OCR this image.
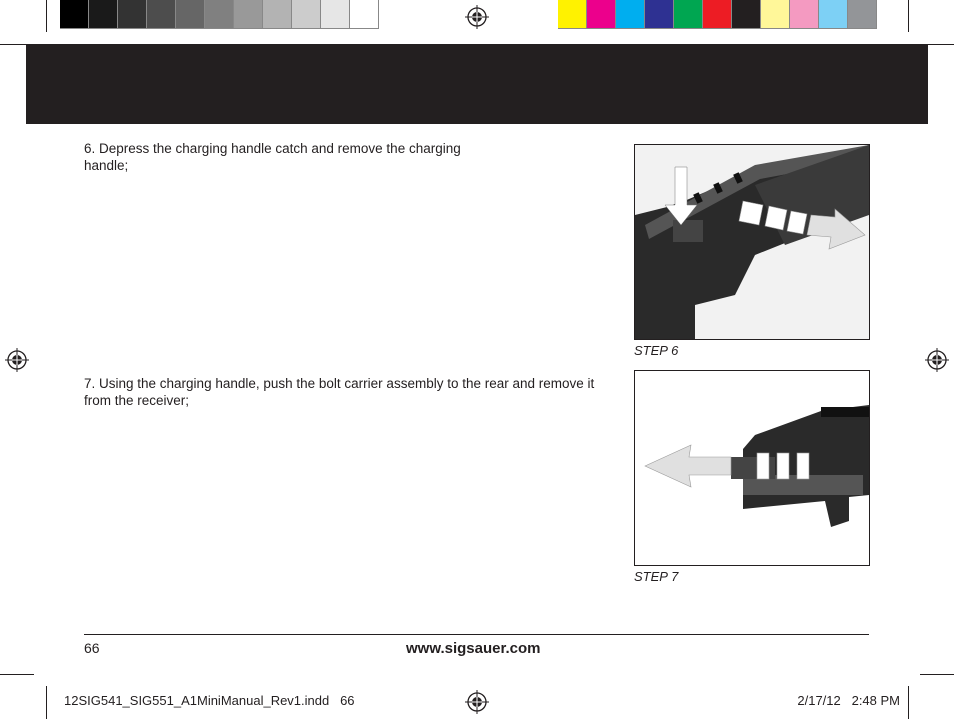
6. Depress the charging handle catch and remove the charging handle;
STEP 6
7. Using the charging handle, push the bolt carrier assembly to the rear and remove it from the receiver;
STEP 7
66	www.sigsauer.com
12SIG541_SIG551_A1MiniManual_Rev1.indd   66	2/17/12   2:48 PM
